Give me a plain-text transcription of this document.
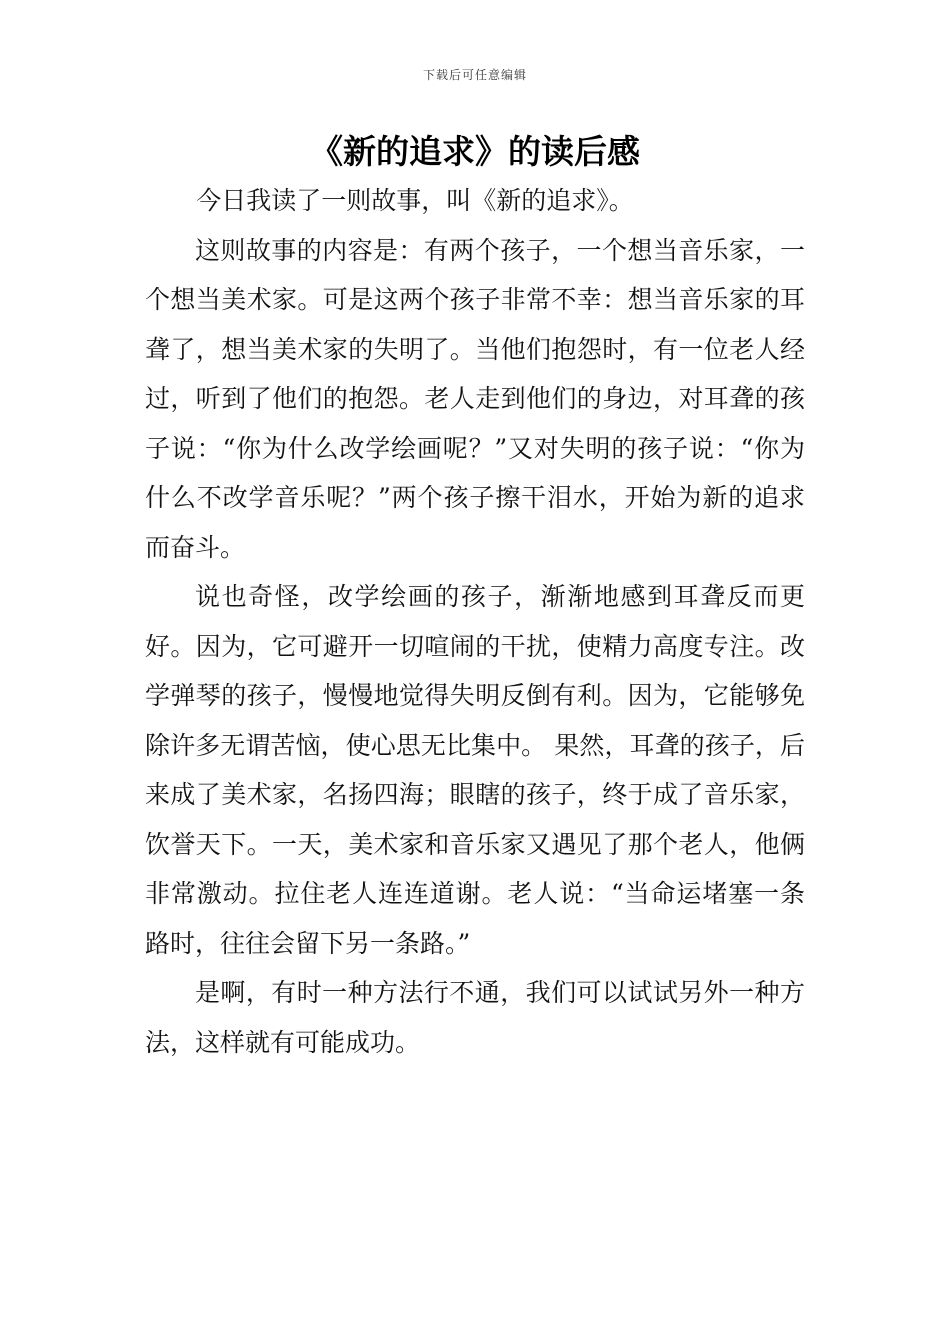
下载后可任意编辑
《新的追求》的读后感

今日我读了一则故事，叫《新的追求》。

这则故事的内容是：有两个孩子，一个想当音乐家，一个想当美术家。可是这两个孩子非常不幸：想当音乐家的耳聋了，想当美术家的失明了。当他们抱怨时，有一位老人经过，听到了他们的抱怨。老人走到他们的身边，对耳聋的孩子说：“你为什么改学绘画呢？”又对失明的孩子说：“你为什么不改学音乐呢？”两个孩子擦干泪水，开始为新的追求而奋斗。

说也奇怪，改学绘画的孩子，渐渐地感到耳聋反而更好。因为，它可避开一切喧闹的干扰，使精力高度专注。改学弹琴的孩子，慢慢地觉得失明反倒有利。因为，它能够免除许多无谓苦恼，使心思无比集中。 果然，耳聋的孩子，后来成了美术家，名扬四海；眼瞎的孩子，终于成了音乐家，饮誉天下。一天，美术家和音乐家又遇见了那个老人，他俩非常激动。拉住老人连连道谢。老人说：“当命运堵塞一条路时，往往会留下另一条路。”

是啊，有时一种方法行不通，我们可以试试另外一种方法，这样就有可能成功。
